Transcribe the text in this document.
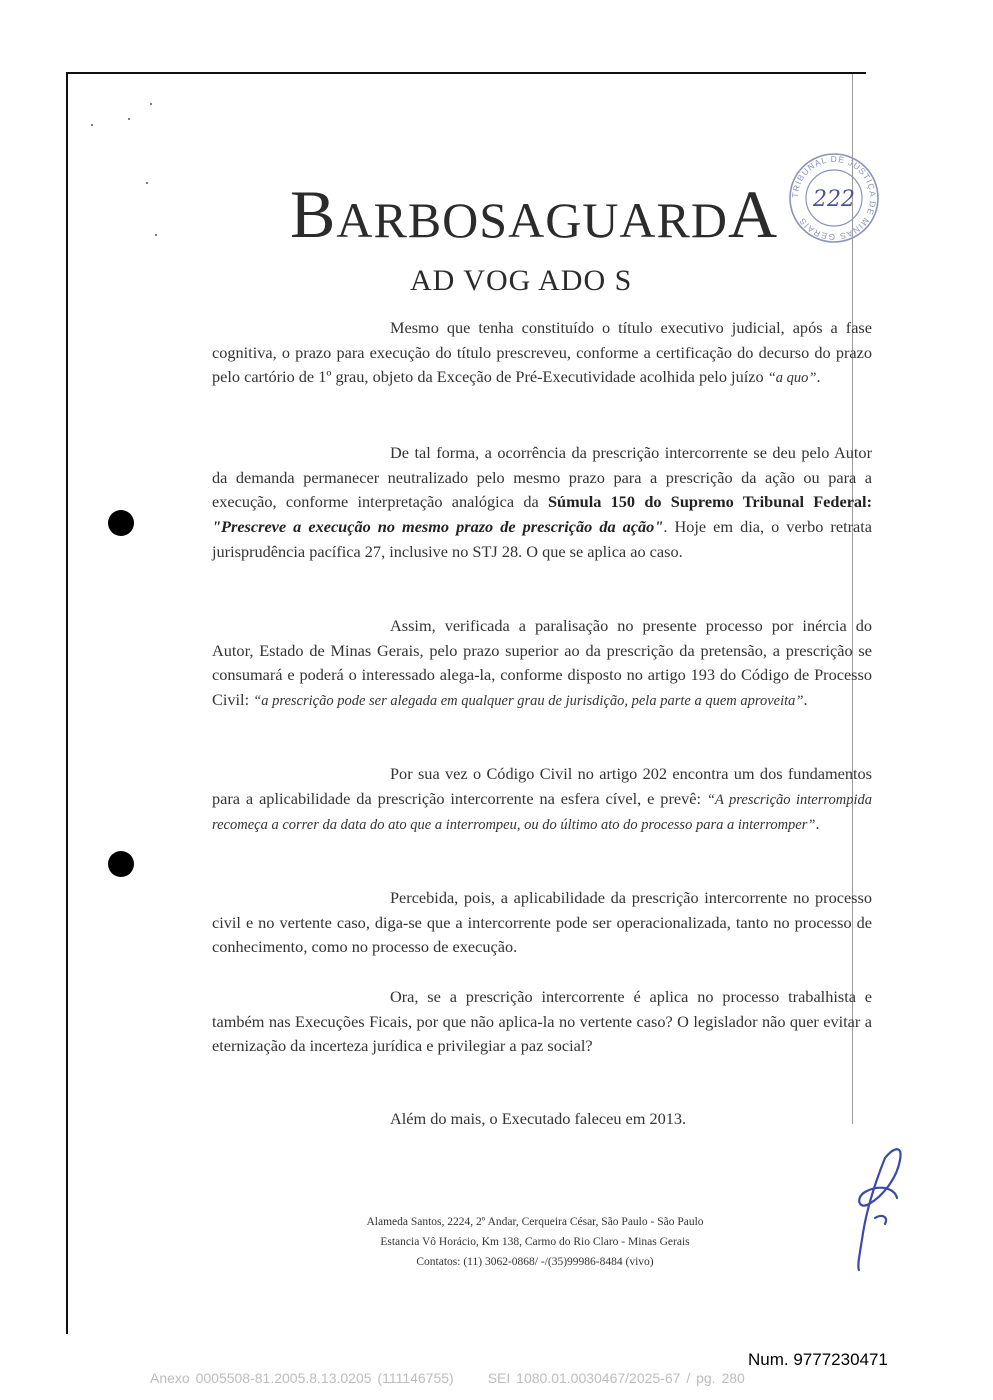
BARBOSAGUARDA
AD VOG ADO S
TRIBUNAL DE JUSTIÇA DE MINAS GERAIS
222
Mesmo que tenha constituído o título executivo judicial, após a fase cognitiva, o prazo para execução do título prescreveu, conforme a certificação do decurso do prazo pelo cartório de 1º grau, objeto da Exceção de Pré-Executividade acolhida pelo juízo “a quo”.
De tal forma, a ocorrência da prescrição intercorrente se deu pelo Autor da demanda permanecer neutralizado pelo mesmo prazo para a prescrição da ação ou para a execução, conforme interpretação analógica da Súmula 150 do Supremo Tribunal Federal: "Prescreve a execução no mesmo prazo de prescrição da ação". Hoje em dia, o verbo retrata jurisprudência pacífica 27, inclusive no STJ 28. O que se aplica ao caso.
Assim, verificada a paralisação no presente processo por inércia do Autor, Estado de Minas Gerais, pelo prazo superior ao da prescrição da pretensão, a prescrição se consumará e poderá o interessado alega-la, conforme disposto no artigo 193 do Código de Processo Civil: “a prescrição pode ser alegada em qualquer grau de jurisdição, pela parte a quem aproveita”.
Por sua vez o Código Civil no artigo 202 encontra um dos fundamentos para a aplicabilidade da prescrição intercorrente na esfera cível, e prevê: “A prescrição interrompida recomeça a correr da data do ato que a interrompeu, ou do último ato do processo para a interromper”.
Percebida, pois, a aplicabilidade da prescrição intercorrente no processo civil e no vertente caso, diga-se que a intercorrente pode ser operacionalizada, tanto no processo de conhecimento, como no processo de execução.
Ora, se a prescrição intercorrente é aplica no processo trabalhista e também nas Execuções Ficais, por que não aplica-la no vertente caso? O legislador não quer evitar a eternização da incerteza jurídica e privilegiar a paz social?
Além do mais, o Executado faleceu em 2013.
Alameda Santos, 2224, 2º Andar, Cerqueira César, São Paulo - São Paulo
Estancia Vô Horácio, Km 138, Carmo do Rio Claro - Minas Gerais
Contatos: (11) 3062-0868/ -/(35)99986-8484 (vivo)
Num. 9777230471
Anexo 0005508-81.2005.8.13.0205 (111146755) SEI 1080.01.0030467/2025-67 / pg. 280
